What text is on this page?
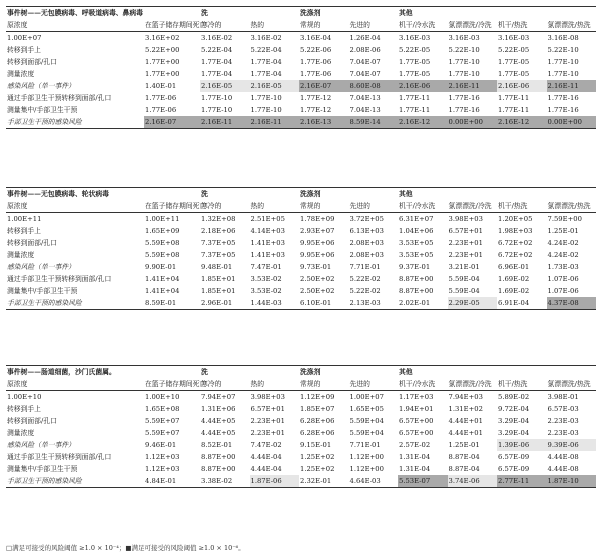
事件树——无包膜病毒、呼吸道病毒、鼻病毒		洗		洗涤剂		其他			
原浓度	在篮子储存期间死亡	寒冷的	热的	常规的	先进的	机干/冷水洗	氯漂漂洗/冷洗	机干/热洗	氯漂漂洗/热洗
1.00E+07	3.16E+02	3.16E-02	3.16E-02	3.16E-04	1.26E-04	3.16E-03	3.16E-03	3.16E-03	3.16E-08
转移到手上	5.22E+00	5.22E-04	5.22E-04	5.22E-06	2.08E-06	5.22E-05	5.22E-10	5.22E-05	5.22E-10
转移到面部/孔口	1.77E+00	1.77E-04	1.77E-04	1.77E-06	7.04E-07	1.77E-05	1.77E-10	1.77E-05	1.77E-10
测量浓度	1.77E+00	1.77E-04	1.77E-04	1.77E-06	7.04E-07	1.77E-05	1.77E-10	1.77E-05	1.77E-10
感染风险（单一事件）	1.40E-01	2.16E-05	2.16E-05	2.16E-07	8.60E-08	2.16E-06	2.16E-11	2.16E-06	2.16E-11
通过手部卫生干预转移到面部/孔口	1.77E-06	1.77E-10	1.77E-10	1.77E-12	7.04E-13	1.77E-11	1.77E-16	1.77E-11	1.77E-16
测量集中/手部卫生干预	1.77E-06	1.77E-10	1.77E-10	1.77E-12	7.04E-13	1.77E-11	1.77E-16	1.77E-11	1.77E-16
手部卫生干预的感染风险	2.16E-07	2.16E-11	2.16E-11	2.16E-13	8.59E-14	2.16E-12	0.00E+00	2.16E-12	0.00E+00
事件树——无包膜病毒、轮状病毒		洗		洗涤剂		其他			
原浓度	在篮子储存期间死亡	寒冷的	热的	常规的	先进的	机干/冷水洗	氯漂漂洗/冷洗	机干/热洗	氯漂漂洗/热洗
1.00E+11	1.00E+11	1.32E+08	2.51E+05	1.78E+09	3.72E+05	6.31E+07	3.98E+03	1.20E+05	7.59E+00
转移到手上	1.65E+09	2.18E+06	4.14E+03	2.93E+07	6.13E+03	1.04E+06	6.57E+01	1.98E+03	1.25E-01
转移到面部/孔口	5.59E+08	7.37E+05	1.41E+03	9.95E+06	2.08E+03	3.53E+05	2.23E+01	6.72E+02	4.24E-02
测量浓度	5.59E+08	7.37E+05	1.41E+03	9.95E+06	2.08E+03	3.53E+05	2.23E+01	6.72E+02	4.24E-02
感染风险（单一事件）	9.90E-01	9.48E-01	7.47E-01	9.73E-01	7.71E-01	9.37E-01	3.21E-01	6.96E-01	1.73E-03
通过手部卫生干预转移到面部/孔口	1.41E+04	1.85E+01	3.53E-02	2.50E+02	5.22E-02	8.87E+00	5.59E-04	1.69E-02	1.07E-06
测量集中/手部卫生干预	1.41E+04	1.85E+01	3.53E-02	2.50E+02	5.22E-02	8.87E+00	5.59E-04	1.69E-02	1.07E-06
手部卫生干预的感染风险	8.59E-01	2.96E-01	1.44E-03	6.10E-01	2.13E-03	2.02E-01	2.29E-05	6.91E-04	4.37E-08
事件树——肠道细菌，沙门氏菌属。		洗		洗涤剂		其他			
原浓度	在篮子储存期间死亡	寒冷的	热的	常规的	先进的	机干/冷水洗	氯漂漂洗/冷洗	机干/热洗	氯漂漂洗/热洗
1.00E+10	1.00E+10	7.94E+07	3.98E+03	1.12E+09	1.00E+07	1.17E+03	7.94E+03	5.89E-02	3.98E-01
转移到手上	1.65E+08	1.31E+06	6.57E+01	1.85E+07	1.65E+05	1.94E+01	1.31E+02	9.72E-04	6.57E-03
转移到面部/孔口	5.59E+07	4.44E+05	2.23E+01	6.28E+06	5.59E+04	6.57E+00	4.44E+01	3.29E-04	2.23E-03
测量浓度	5.59E+07	4.44E+05	2.23E+01	6.28E+06	5.59E+04	6.57E+00	4.44E+01	3.29E-04	2.23E-03
感染风险（单一事件）	9.46E-01	8.52E-01	7.47E-02	9.15E-01	7.71E-01	2.57E-02	1.25E-01	1.39E-06	9.39E-06
通过手部卫生干预转移到面部/孔口	1.12E+03	8.87E+00	4.44E-04	1.25E+02	1.12E+00	1.31E-04	8.87E-04	6.57E-09	4.44E-08
测量集中/手部卫生干预	1.12E+03	8.87E+00	4.44E-04	1.25E+02	1.12E+00	1.31E-04	8.87E-04	6.57E-09	4.44E-08
手部卫生干预的感染风险	4.84E-01	3.38E-02	1.87E-06	2.32E-01	4.64E-03	5.53E-07	3.74E-06	2.77E-11	1.87E-10
□满足可接受的风险阈值 ≥1.0 × 10⁻⁴；■满足可接受的风险阈值 ≥1.0 × 10⁻⁶。
